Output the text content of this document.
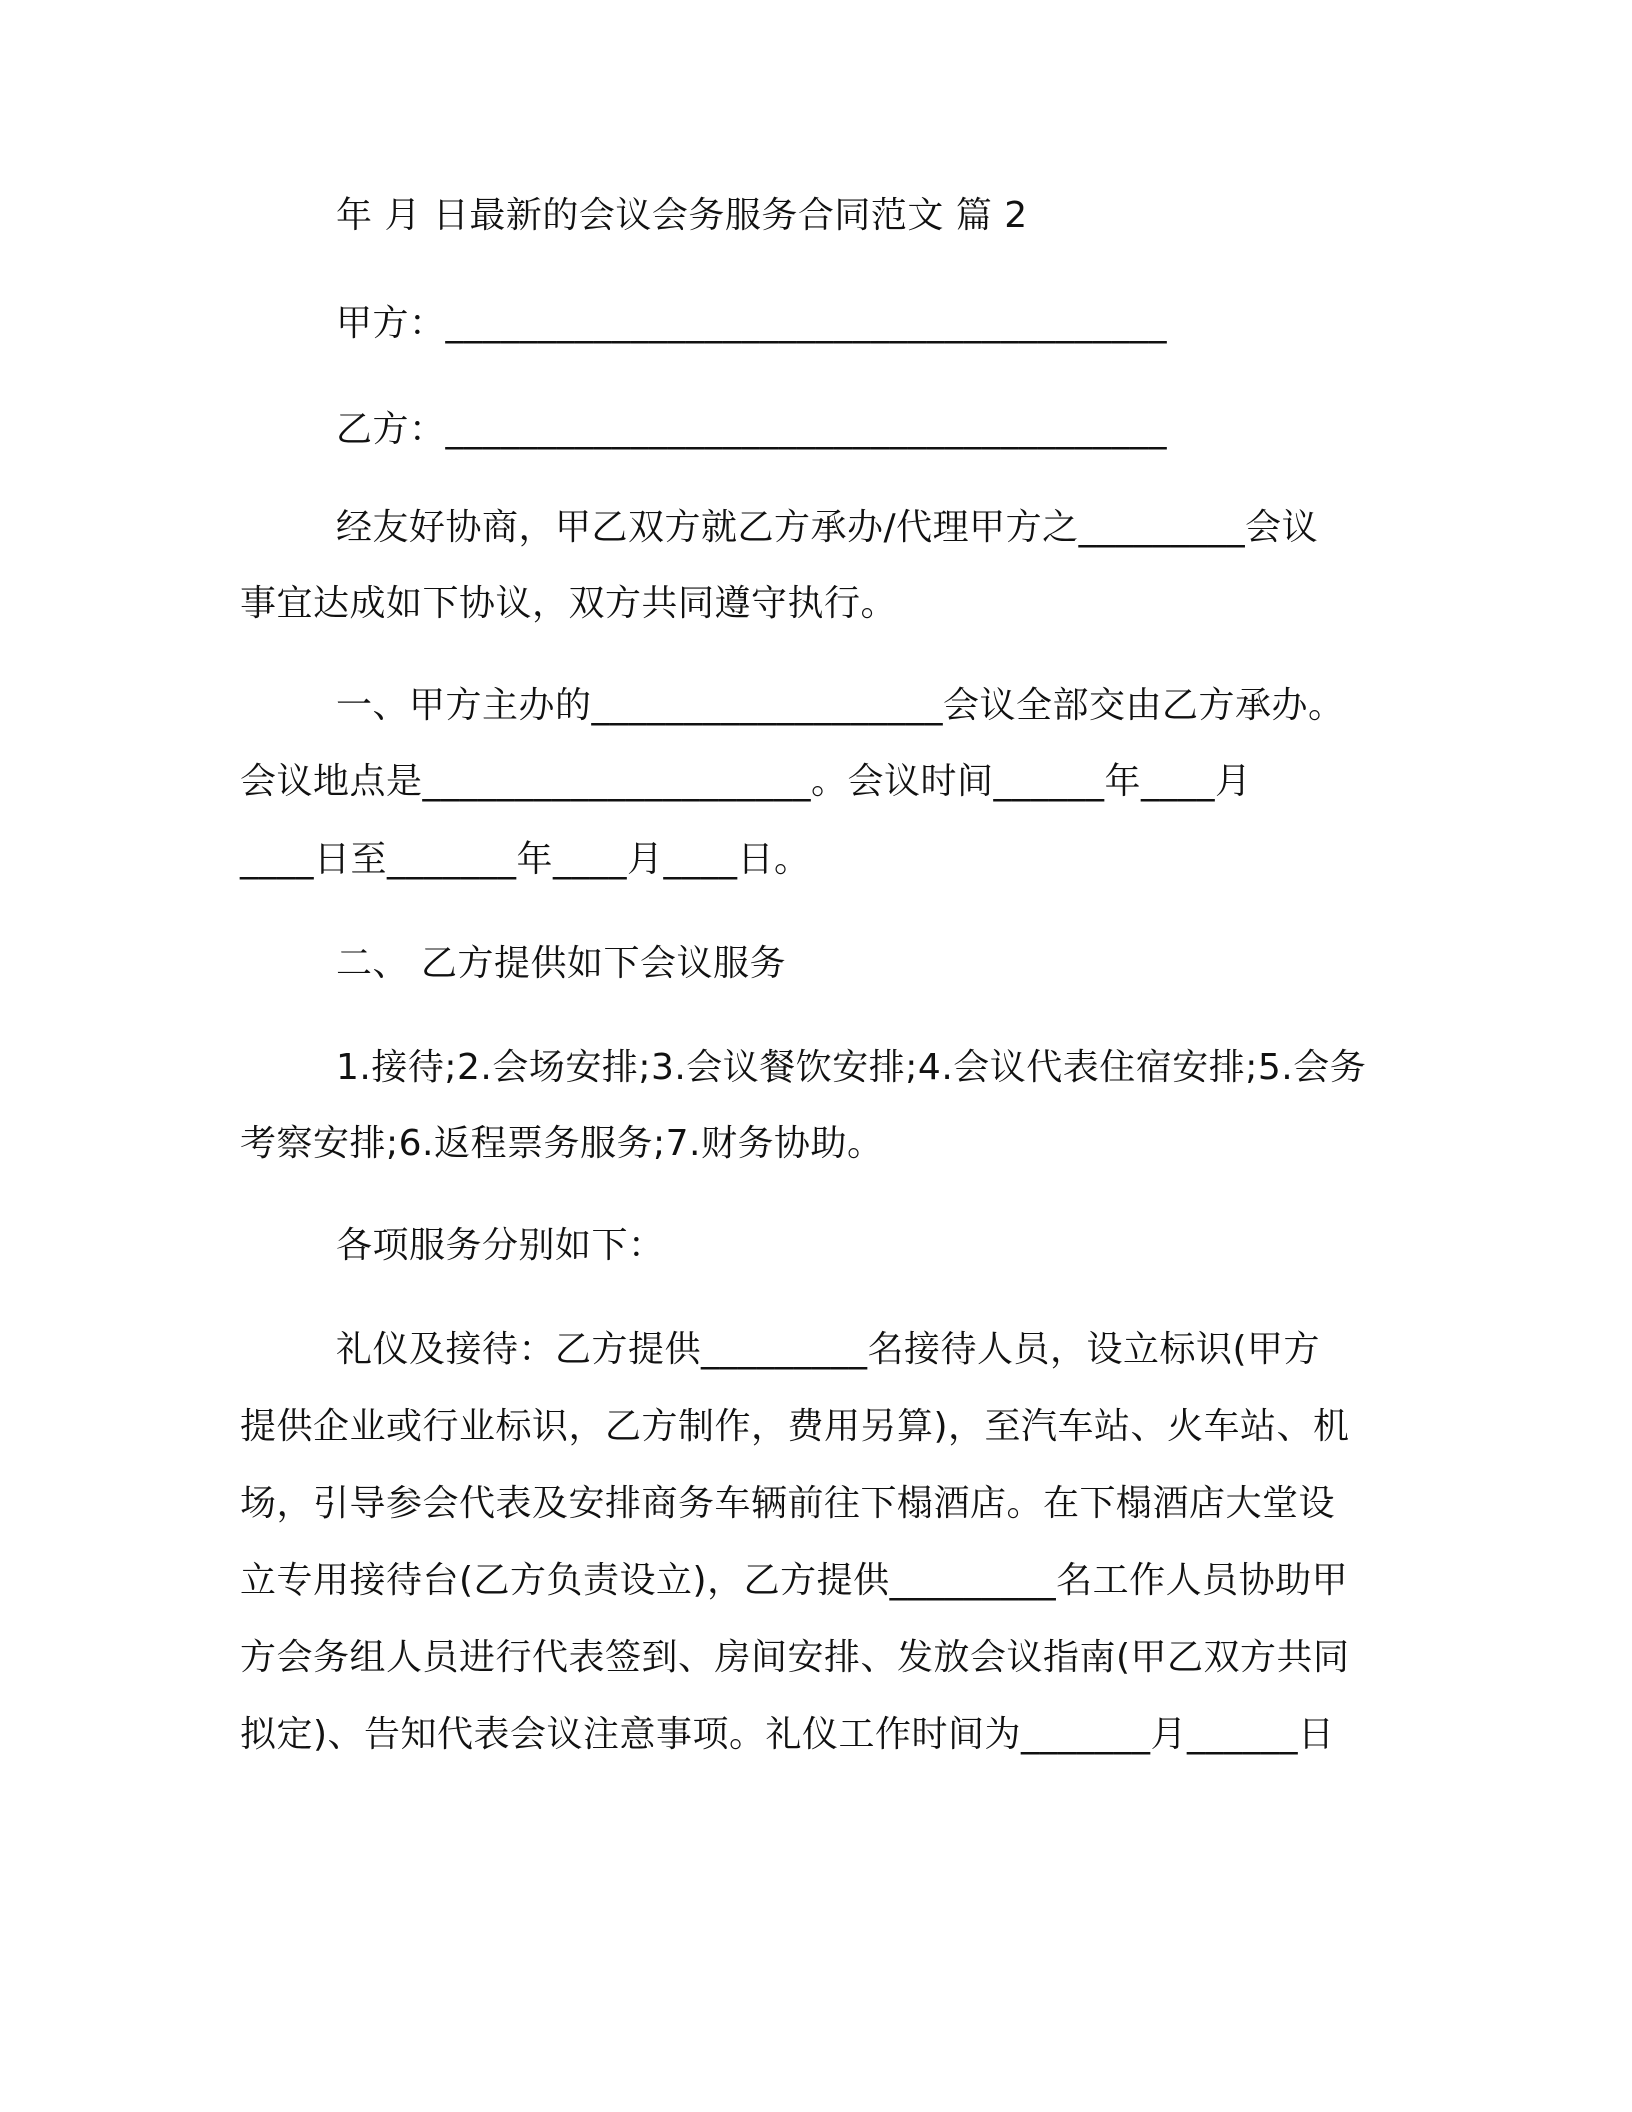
年 月 日最新的会议会务服务合同范文 篇 2
甲方：_______________________________________
乙方：_______________________________________
经友好协商，甲乙双方就乙方承办/代理甲方之_________会议
事宜达成如下协议，双方共同遵守执行。
一、甲方主办的___________________会议全部交由乙方承办。
会议地点是_____________________。会议时间______年____月
____日至_______年____月____日。
二、 乙方提供如下会议服务
1.接待;2.会场安排;3.会议餐饮安排;4.会议代表住宿安排;5.会务
考察安排;6.返程票务服务;7.财务协助。
各项服务分别如下：
礼仪及接待：乙方提供_________名接待人员，设立标识(甲方
提供企业或行业标识，乙方制作，费用另算)，至汽车站、火车站、机
场，引导参会代表及安排商务车辆前往下榻酒店。在下榻酒店大堂设
立专用接待台(乙方负责设立)，乙方提供_________名工作人员协助甲
方会务组人员进行代表签到、房间安排、发放会议指南(甲乙双方共同
拟定)、告知代表会议注意事项。礼仪工作时间为_______月______日
